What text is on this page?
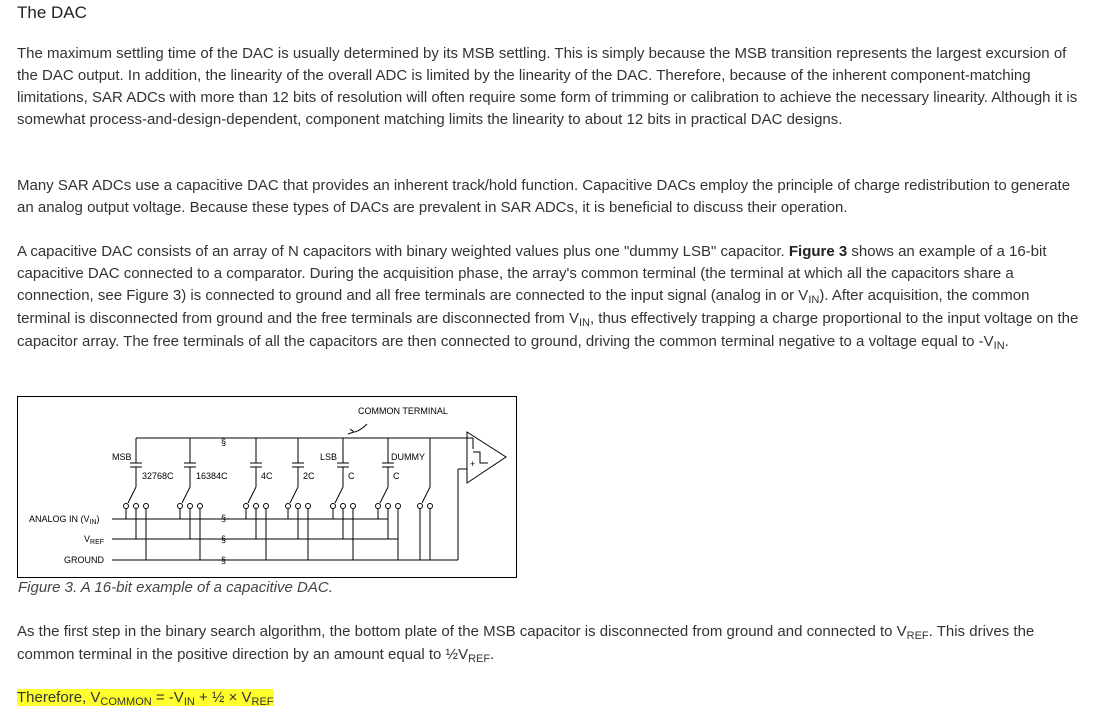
The DAC

The maximum settling time of the DAC is usually determined by its MSB settling. This is simply because the MSB transition represents the largest excursion of the DAC output. In addition, the linearity of the overall ADC is limited by the linearity of the DAC. Therefore, because of the inherent component-matching limitations, SAR ADCs with more than 12 bits of resolution will often require some form of trimming or calibration to achieve the necessary linearity. Although it is somewhat process-and-design-dependent, component matching limits the linearity to about 12 bits in practical DAC designs.

Many SAR ADCs use a capacitive DAC that provides an inherent track/hold function. Capacitive DACs employ the principle of charge redistribution to generate an analog output voltage. Because these types of DACs are prevalent in SAR ADCs, it is beneficial to discuss their operation.

A capacitive DAC consists of an array of N capacitors with binary weighted values plus one "dummy LSB" capacitor. Figure 3 shows an example of a 16-bit capacitive DAC connected to a comparator. During the acquisition phase, the array's common terminal (the terminal at which all the capacitors share a connection, see Figure 3) is connected to ground and all free terminals are connected to the input signal (analog in or $V_{IN}$). After acquisition, the common terminal is disconnected from ground and the free terminals are disconnected from $V_{IN}$, thus effectively trapping a charge proportional to the input voltage on the capacitor array. The free terminals of all the capacitors are then connected to ground, driving the common terminal negative to a voltage equal to $-V_{IN}$.

§
§
§
§
COMMON TERMINAL
MSB	LSB	DUMMY
32768C 16384C	4C	2C	C	C
ANALOG IN $(V_{IN})$
$V_{REF}$
GROUND
+

Figure 3. A 16-bit example of a capacitive DAC.

As the first step in the binary search algorithm, the bottom plate of the MSB capacitor is disconnected from ground and connected to $V_{REF}$. This drives the common terminal in the positive direction by an amount equal to $\frac{1}{2}V_{REF}$.

Therefore, $V_{COMMON} = -V_{IN}$ + ½ × $V_{REF}$
